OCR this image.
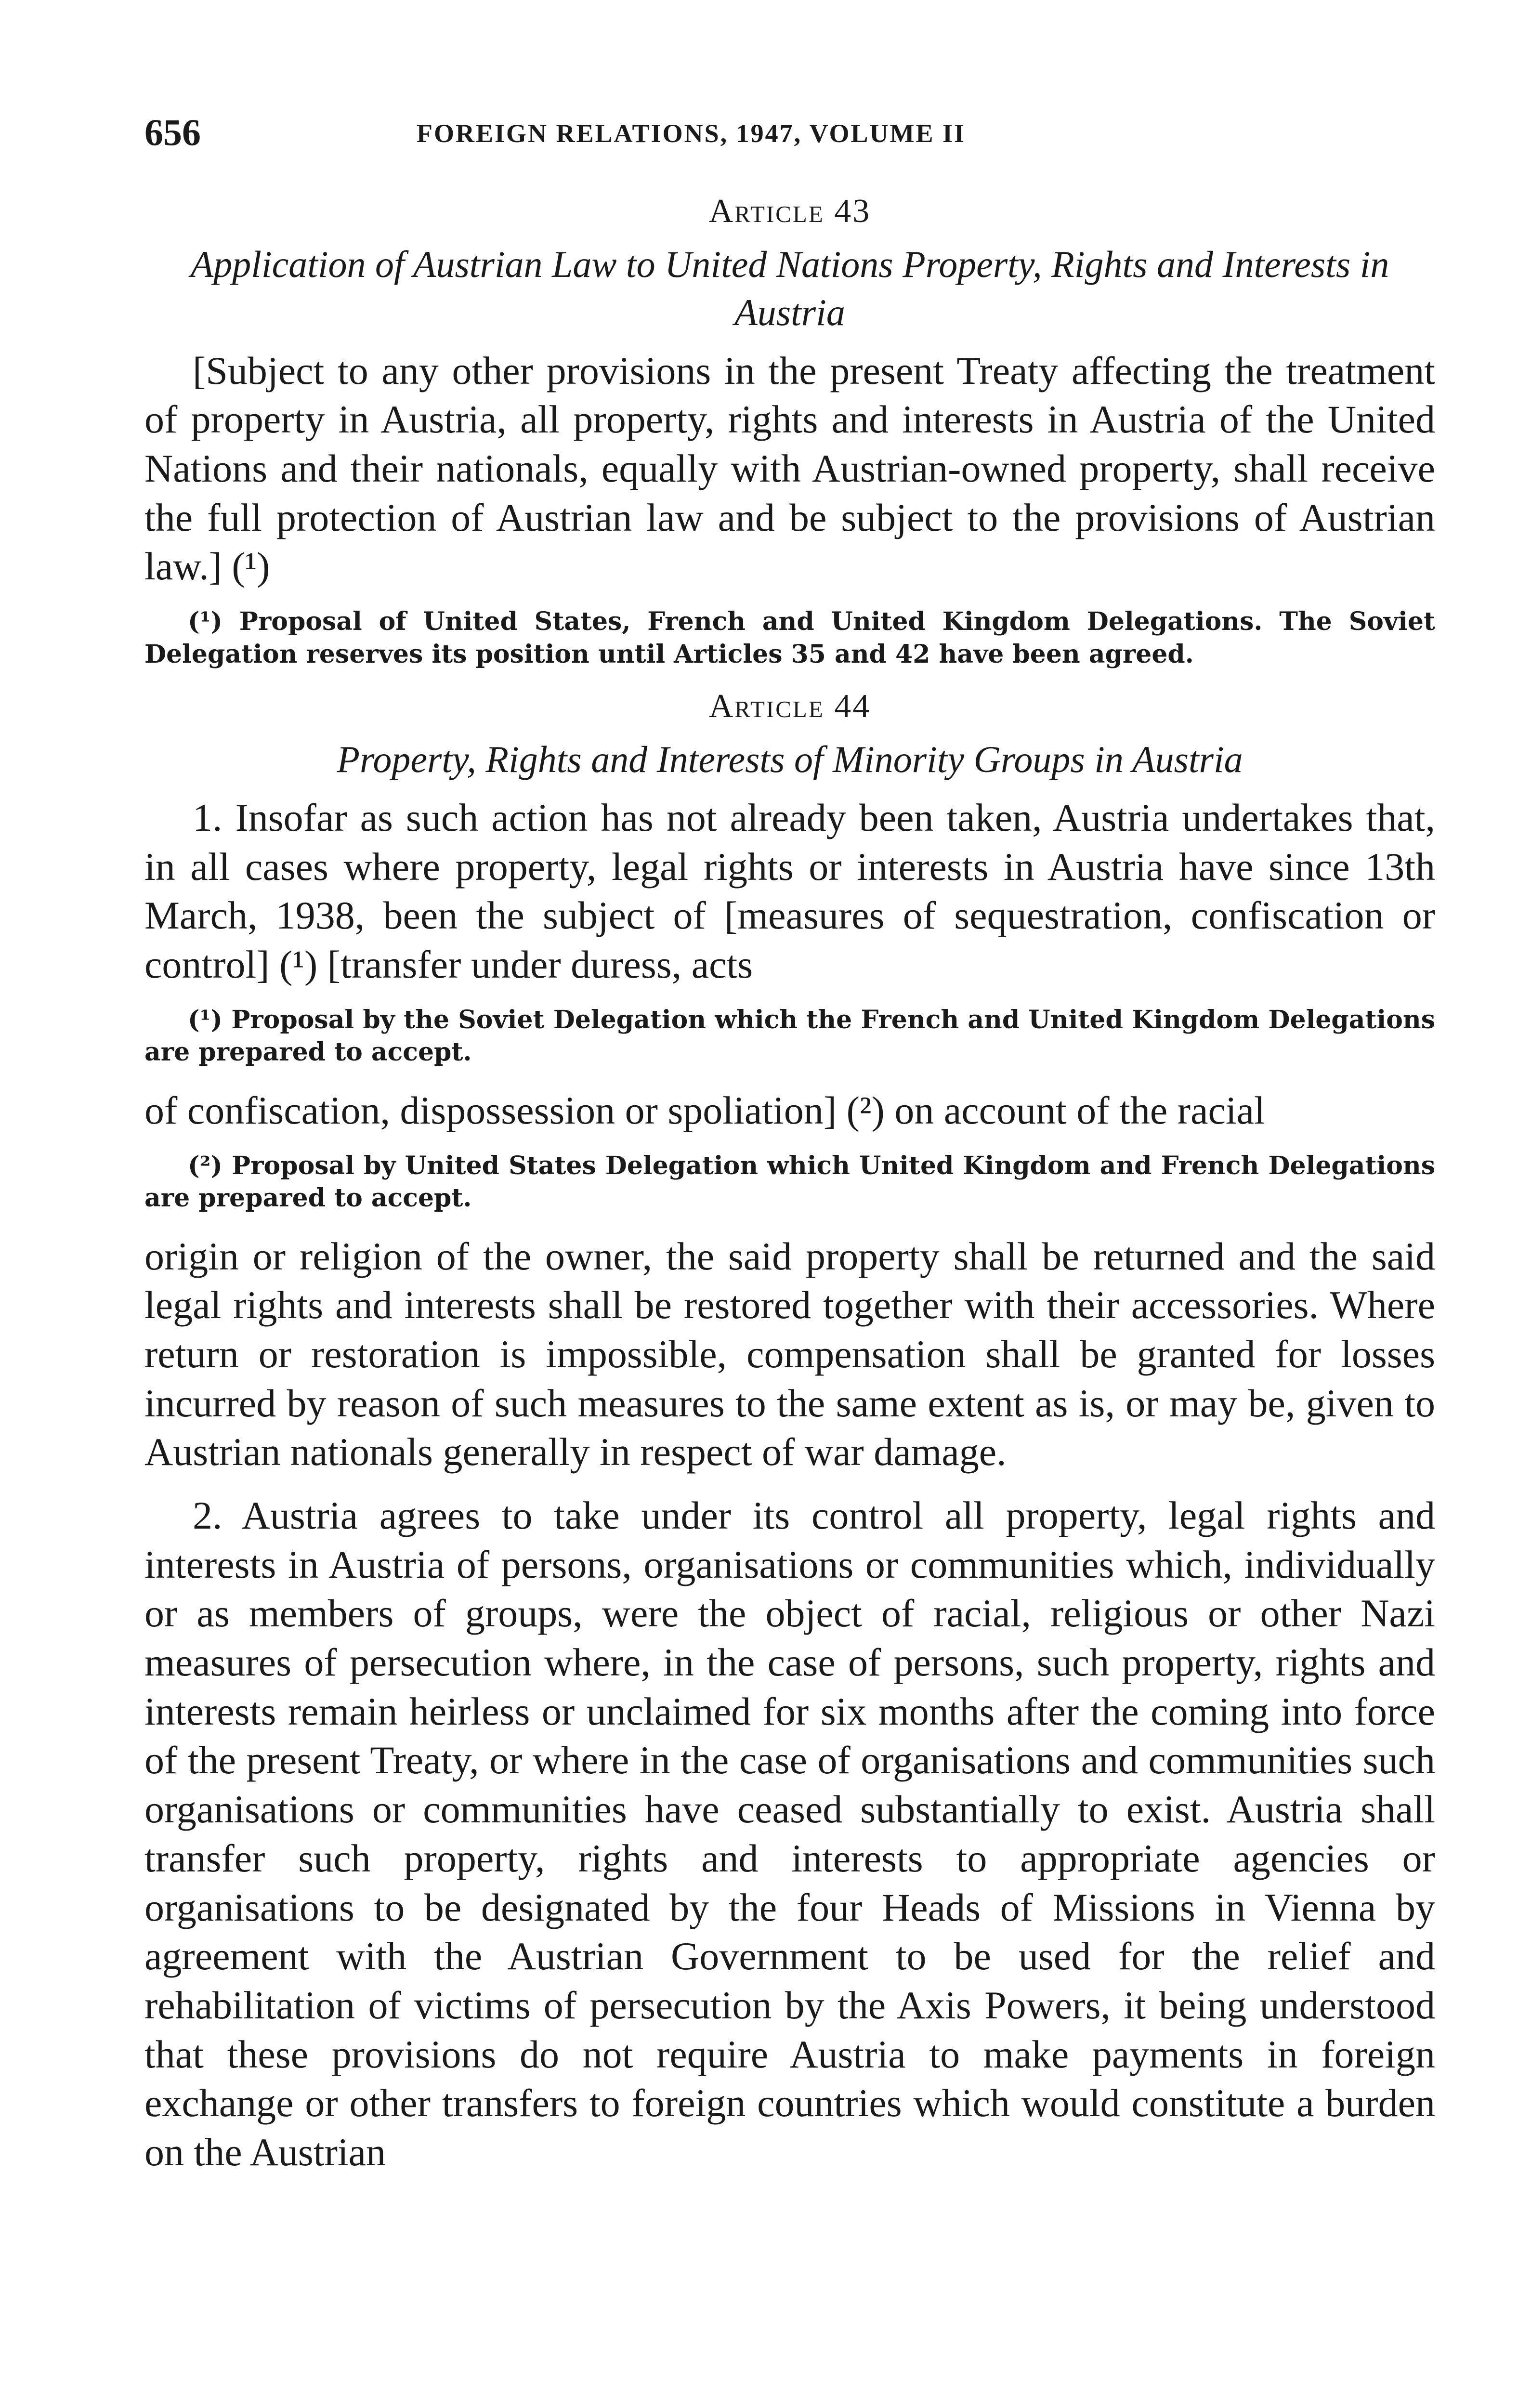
656	FOREIGN RELATIONS, 1947, VOLUME II
Article 43
Application of Austrian Law to United Nations Property, Rights and Interests in Austria

[Subject to any other provisions in the present Treaty affecting the treatment of property in Austria, all property, rights and interests in Austria of the United Nations and their nationals, equally with Austrian-owned property, shall receive the full protection of Austrian law and be subject to the provisions of Austrian law.] (¹)

(¹) Proposal of United States, French and United Kingdom Delegations. The Soviet Delegation reserves its position until Articles 35 and 42 have been agreed.

Article 44
Property, Rights and Interests of Minority Groups in Austria

1. Insofar as such action has not already been taken, Austria undertakes that, in all cases where property, legal rights or interests in Austria have since 13th March, 1938, been the subject of [measures of sequestration, confiscation or control] (¹) [transfer under duress, acts

(¹) Proposal by the Soviet Delegation which the French and United Kingdom Delegations are prepared to accept.

of confiscation, dispossession or spoliation] (²) on account of the racial

(²) Proposal by United States Delegation which United Kingdom and French Delegations are prepared to accept.

origin or religion of the owner, the said property shall be returned and the said legal rights and interests shall be restored together with their accessories. Where return or restoration is impossible, compensation shall be granted for losses incurred by reason of such measures to the same extent as is, or may be, given to Austrian nationals generally in respect of war damage.

2. Austria agrees to take under its control all property, legal rights and interests in Austria of persons, organisations or communities which, individually or as members of groups, were the object of racial, religious or other Nazi measures of persecution where, in the case of persons, such property, rights and interests remain heirless or unclaimed for six months after the coming into force of the present Treaty, or where in the case of organisations and communities such organisations or communities have ceased substantially to exist. Austria shall transfer such property, rights and interests to appropriate agencies or organisations to be designated by the four Heads of Missions in Vienna by agreement with the Austrian Government to be used for the relief and rehabilitation of victims of persecution by the Axis Powers, it being understood that these provisions do not require Austria to make payments in foreign exchange or other transfers to foreign countries which would constitute a burden on the Austrian
